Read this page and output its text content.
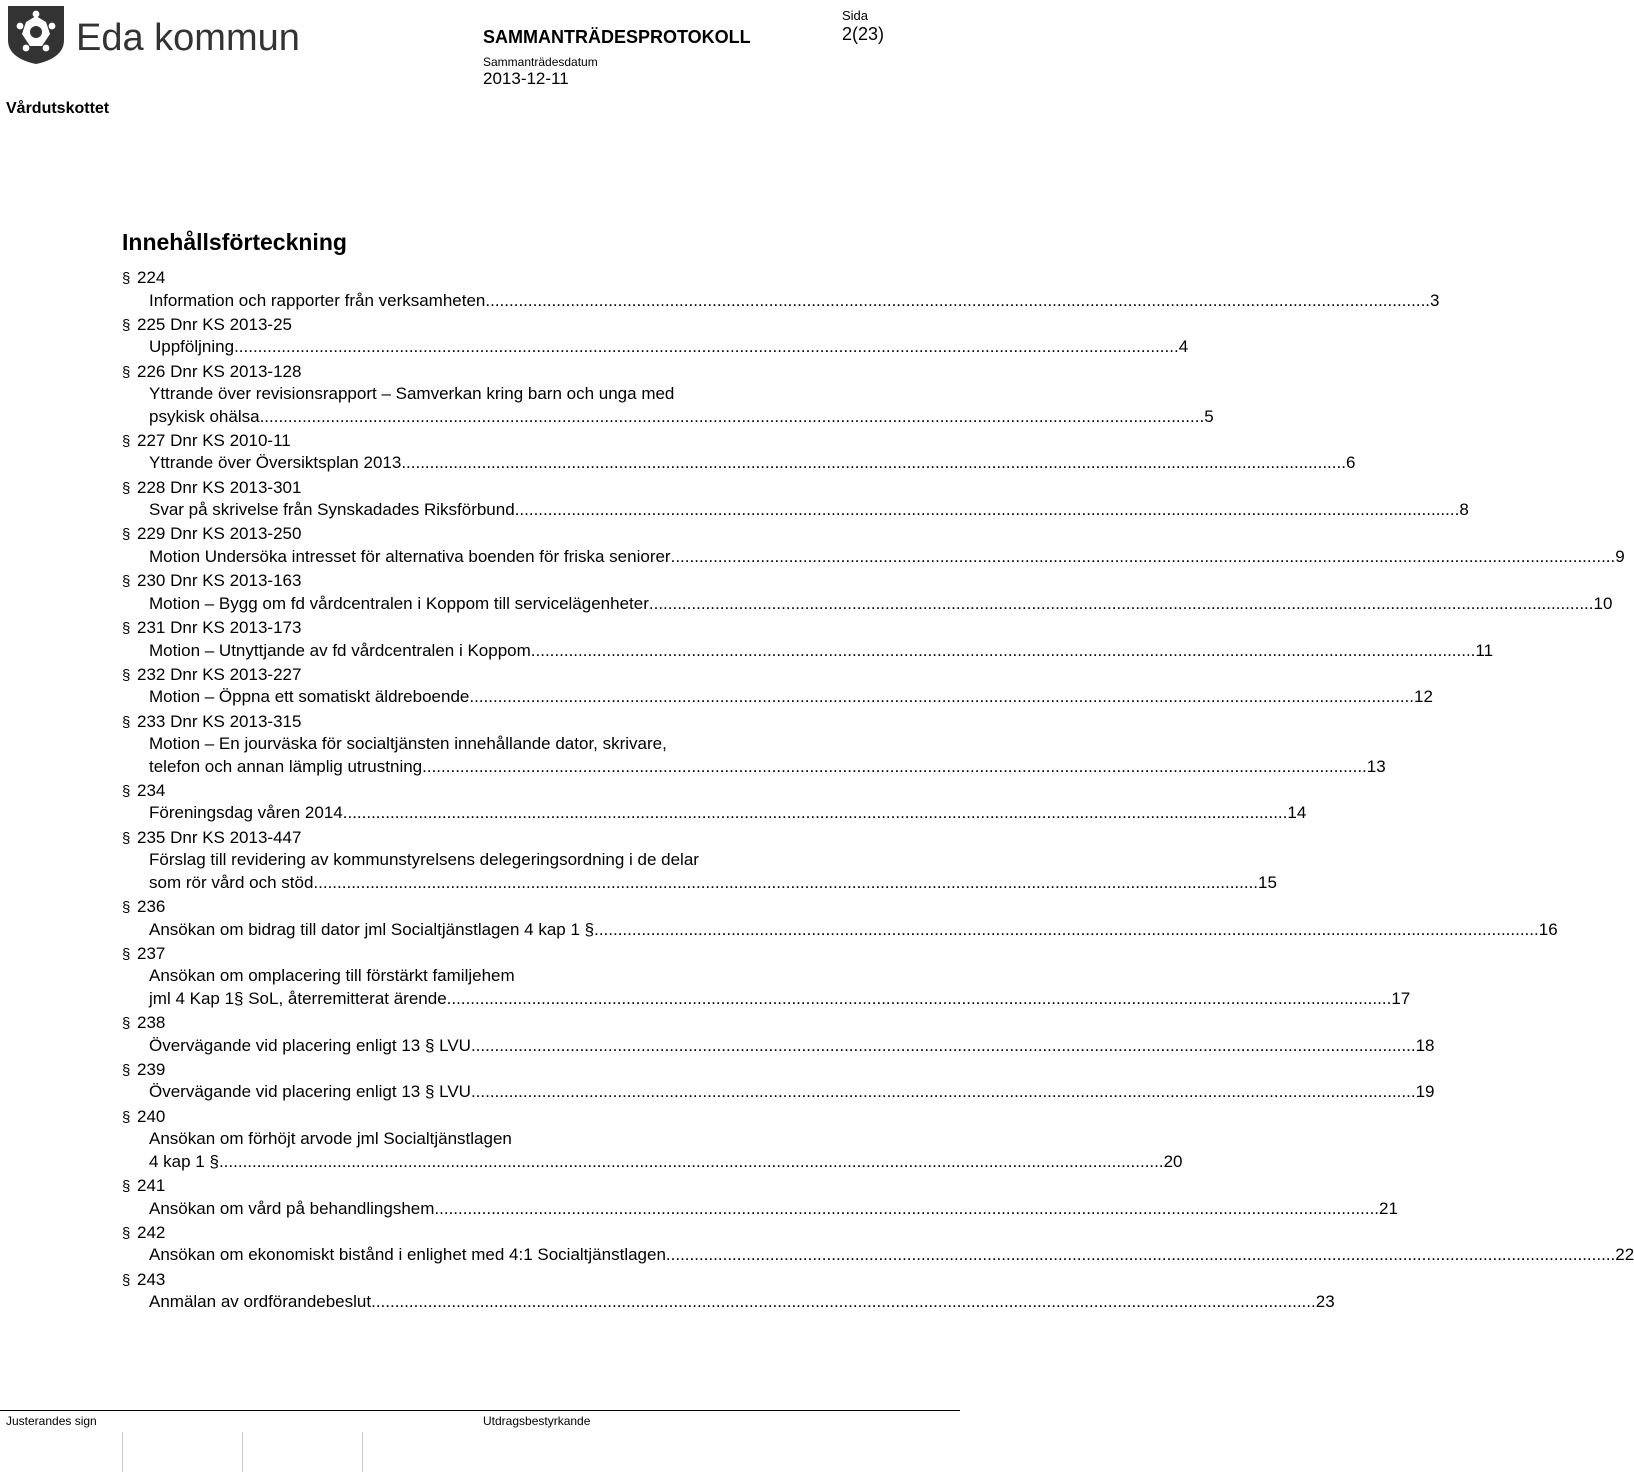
Eda kommun	SAMMANTRÄDESPROTOKOLL
Sammanträdesdatum
2013-12-11
Sida
2(23)
Vårdutskottet
Innehållsförteckning
§ 224
Information och rapporter från verksamheten ........................................................................................................................................................................................................ 3
§ 225 Dnr KS 2013-25
Uppföljning ........................................................................................................................................................................................................ 4
§ 226 Dnr KS 2013-128
Yttrande över revisionsrapport – Samverkan kring barn och unga med
psykisk ohälsa ........................................................................................................................................................................................................ 5
§ 227 Dnr KS 2010-11
Yttrande över Översiktsplan 2013 ........................................................................................................................................................................................................ 6
§ 228 Dnr KS 2013-301
Svar på skrivelse från Synskadades Riksförbund ........................................................................................................................................................................................................ 8
§ 229 Dnr KS 2013-250
Motion Undersöka intresset för alternativa boenden för friska seniorer ........................................................................................................................................................................................................ 9
§ 230 Dnr KS 2013-163
Motion – Bygg om fd vårdcentralen i Koppom till servicelägenheter ........................................................................................................................................................................................................ 10
§ 231 Dnr KS 2013-173
Motion – Utnyttjande av fd vårdcentralen i Koppom ........................................................................................................................................................................................................ 11
§ 232 Dnr KS 2013-227
Motion – Öppna ett somatiskt äldreboende ........................................................................................................................................................................................................ 12
§ 233 Dnr KS 2013-315
Motion – En jourväska för socialtjänsten innehållande dator, skrivare,
telefon och annan lämplig utrustning ........................................................................................................................................................................................................ 13
§ 234
Föreningsdag våren 2014 ........................................................................................................................................................................................................ 14
§ 235 Dnr KS 2013-447
Förslag till revidering av kommunstyrelsens delegeringsordning i de delar
som rör vård och stöd ........................................................................................................................................................................................................ 15
§ 236
Ansökan om bidrag till dator jml Socialtjänstlagen 4 kap 1 § ........................................................................................................................................................................................................ 16
§ 237
Ansökan om omplacering till förstärkt familjehem
jml 4 Kap 1§ SoL, återremitterat ärende ........................................................................................................................................................................................................ 17
§ 238
Övervägande vid placering enligt 13 § LVU ........................................................................................................................................................................................................ 18
§ 239
Övervägande vid placering enligt 13 § LVU ........................................................................................................................................................................................................ 19
§ 240
Ansökan om förhöjt arvode jml Socialtjänstlagen
4 kap 1 § ........................................................................................................................................................................................................ 20
§ 241
Ansökan om vård på behandlingshem ........................................................................................................................................................................................................ 21
§ 242
Ansökan om ekonomiskt bistånd i enlighet med 4:1 Socialtjänstlagen. ........................................................................................................................................................................................................ 22
§ 243
Anmälan av ordförandebeslut ........................................................................................................................................................................................................ 23
Justerandes sign	Utdragsbestyrkande
